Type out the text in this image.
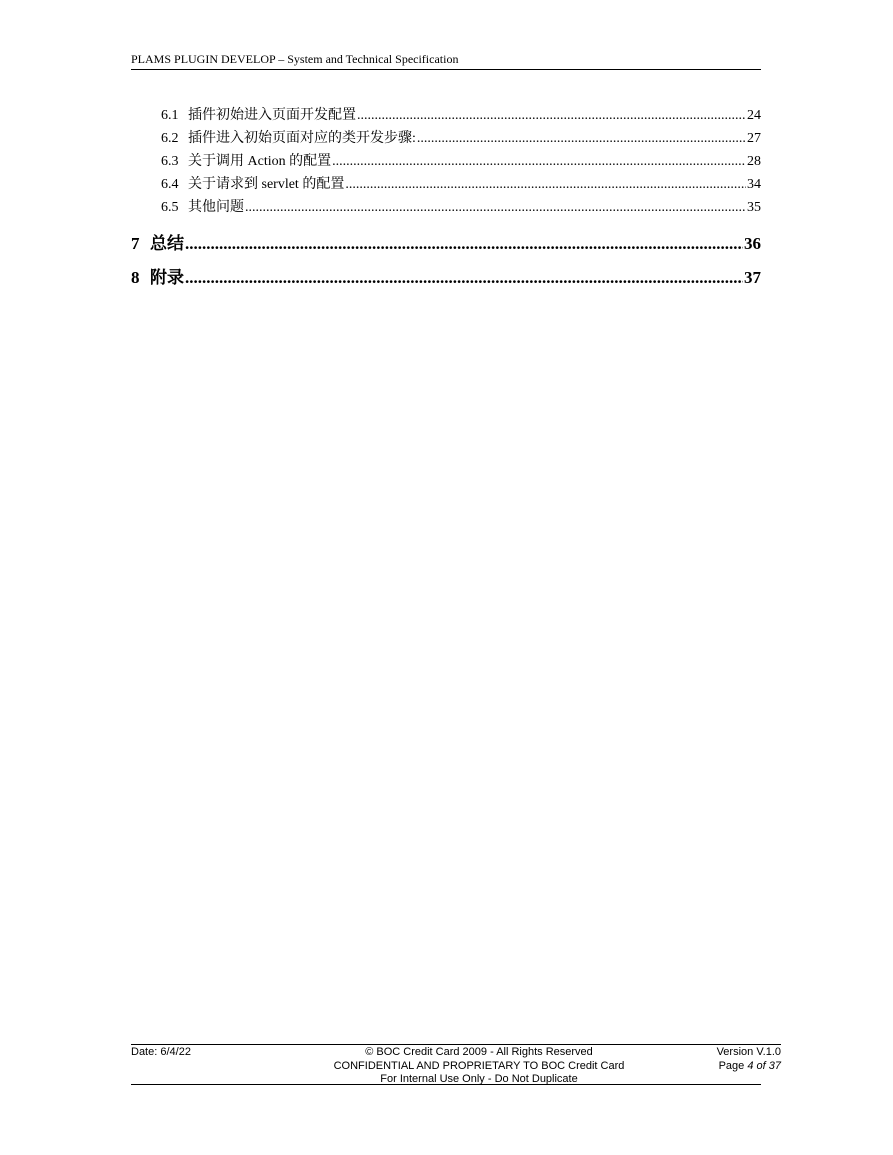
PLAMS PLUGIN DEVELOP – System and Technical Specification
6.1 插件初始进入页面开发配置 .....	24
6.2 插件进入初始页面对应的类开发步骤: .....	27
6.3 关于调用 Action 的配置 .....	28
6.4 关于请求到 servlet 的配置 .....	34
6.5 其他问题 .....	35
7 总结 .....	36
8 附录 .....	37
Date: 6/4/22	© BOC Credit Card 2009 - All Rights Reserved
CONFIDENTIAL AND PROPRIETARY TO BOC Credit Card
For Internal Use Only - Do Not Duplicate
Version V.1.0
Page 4 of 37
